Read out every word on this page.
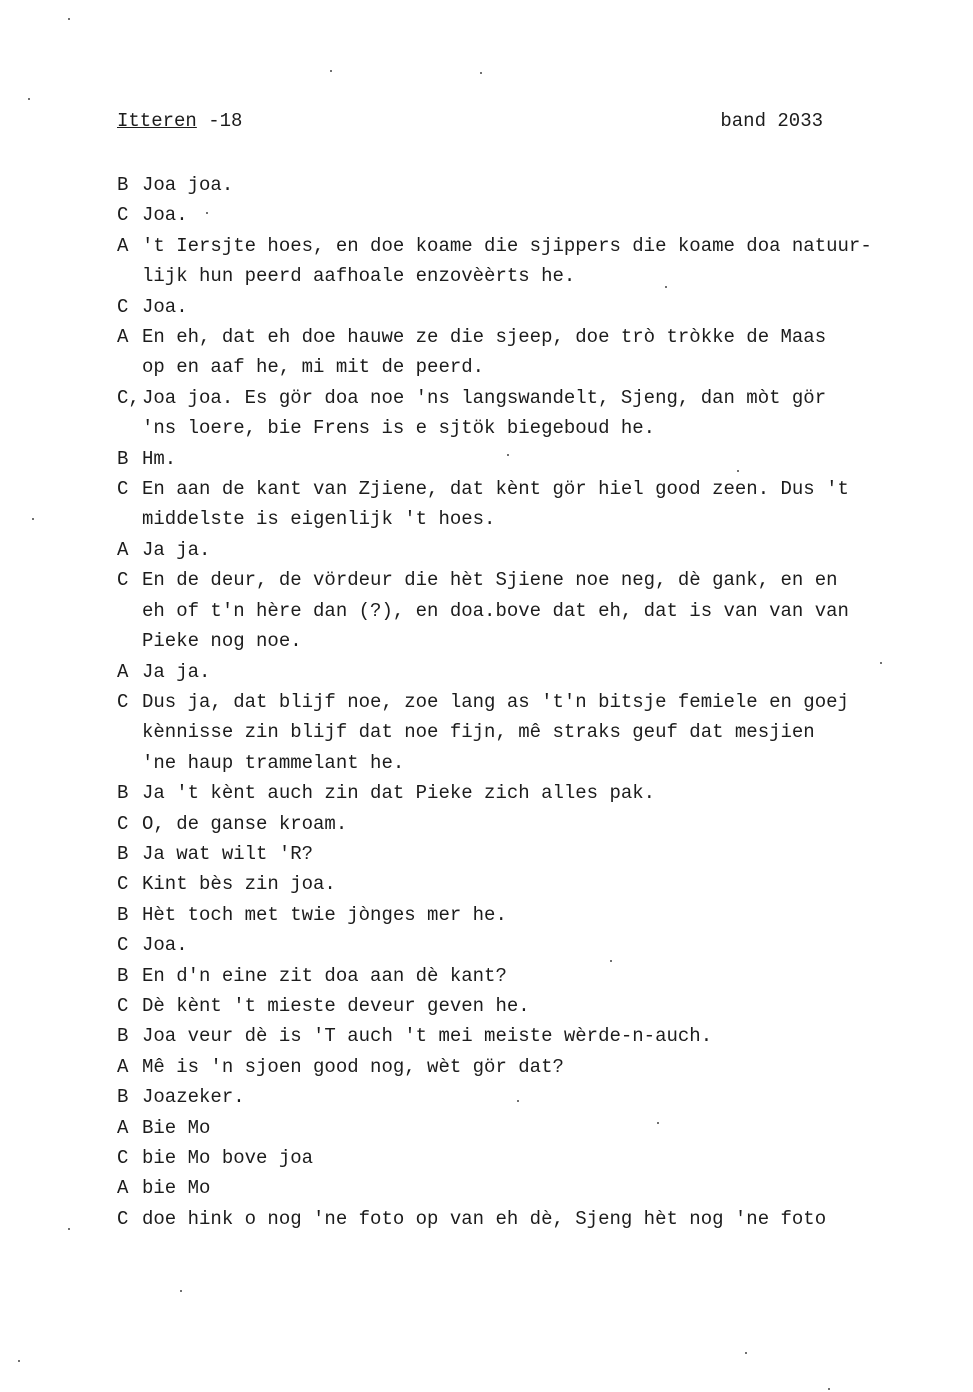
Itteren -18	band 2033
B Joa joa.
C Joa.
A 't Iersjte hoes, en doe koame die sjippers die koame doa natuur-
lijk hun peerd aafhoale enzovèèrts he.
C Joa.
A En eh, dat eh doe hauwe ze die sjeep, doe trò tròkke de Maas
op en aaf he, mi mit de peerd.
C, Joa joa. Es gör doa noe 'ns langswandelt, Sjeng, dan mòt gör
'ns loere, bie Frens is e sjtök biegeboud he.
B Hm.
C En aan de kant van Zjiene, dat kènt gör hiel good zeen. Dus 't
middelste is eigenlijk 't hoes.
A Ja ja.
C En de deur, de vördeur die hèt Sjiene noe neg, dè gank, en en
eh of t'n hère dan (?), en doa.bove dat eh, dat is van van van
Pieke nog noe.
A Ja ja.
C Dus ja, dat blijf noe, zoe lang as 't'n bitsje femiele en goej
kènnisse zin blijf dat noe fijn, mê straks geuf dat mesjien
'ne haup trammelant he.
B Ja 't kènt auch zin dat Pieke zich alles pak.
C O, de ganse kroam.
B Ja wat wilt 'R?
C Kint bès zin joa.
B Hèt toch met twie jònges mer he.
C Joa.
B En d'n eine zit doa aan dè kant?
C Dè kènt 't mieste deveur geven he.
B Joa veur dè is 'T auch 't mei meiste wèrde-n-auch.
A Mê is 'n sjoen good nog, wèt gör dat?
B Joazeker.
A Bie Mo
C bie Mo bove joa
A bie Mo
C doe hink o nog 'ne foto op van eh dè, Sjeng hèt nog 'ne foto
